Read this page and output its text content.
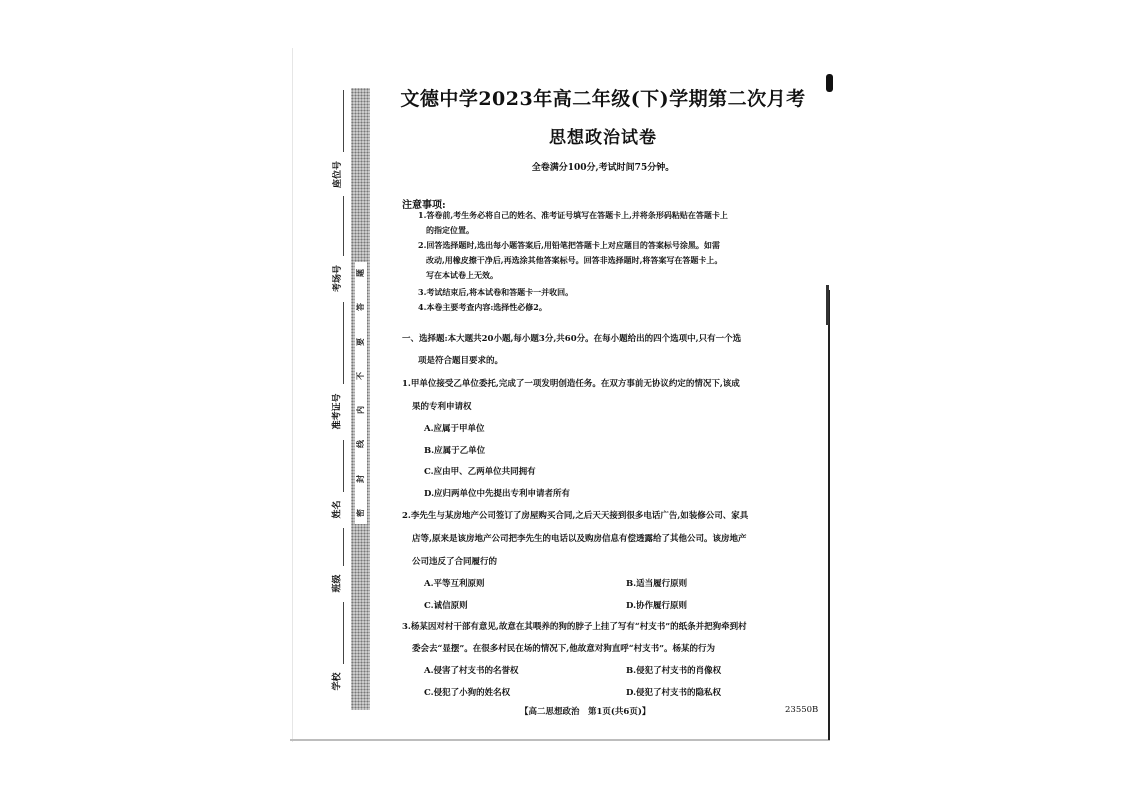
题
答
要
不
内
线
封
密
座位号
考场号
准考证号
姓名
班级
学校
文德中学2023年高二年级(下)学期第二次月考
思想政治试卷
全卷满分100分,考试时间75分钟。
注意事项:
1.答卷前,考生务必将自己的姓名、准考证号填写在答题卡上,并将条形码粘贴在答题卡上
的指定位置。
2.回答选择题时,选出每小题答案后,用铅笔把答题卡上对应题目的答案标号涂黑。如需
改动,用橡皮擦干净后,再选涂其他答案标号。回答非选择题时,将答案写在答题卡上。
写在本试卷上无效。
3.考试结束后,将本试卷和答题卡一并收回。
4.本卷主要考查内容:选择性必修2。
一、选择题:本大题共20小题,每小题3分,共60分。在每小题给出的四个选项中,只有一个选
项是符合题目要求的。
1.甲单位接受乙单位委托,完成了一项发明创造任务。在双方事前无协议约定的情况下,该成
果的专利申请权
A.应属于甲单位
B.应属于乙单位
C.应由甲、乙两单位共同拥有
D.应归两单位中先提出专利申请者所有
2.李先生与某房地产公司签订了房屋购买合同,之后天天接到很多电话广告,如装修公司、家具
店等,原来是该房地产公司把李先生的电话以及购房信息有偿透露给了其他公司。该房地产
公司违反了合同履行的
A.平等互利原则	B.适当履行原则
C.诚信原则	D.协作履行原则
3.杨某因对村干部有意见,故意在其喂养的狗的脖子上挂了写有“村支书”的纸条并把狗牵到村
委会去“显摆”。在很多村民在场的情况下,他故意对狗直呼“村支书”。杨某的行为
A.侵害了村支书的名誉权	B.侵犯了村支书的肖像权
C.侵犯了小狗的姓名权	D.侵犯了村支书的隐私权
【高二思想政治　第1页(共6页)】	23550B
